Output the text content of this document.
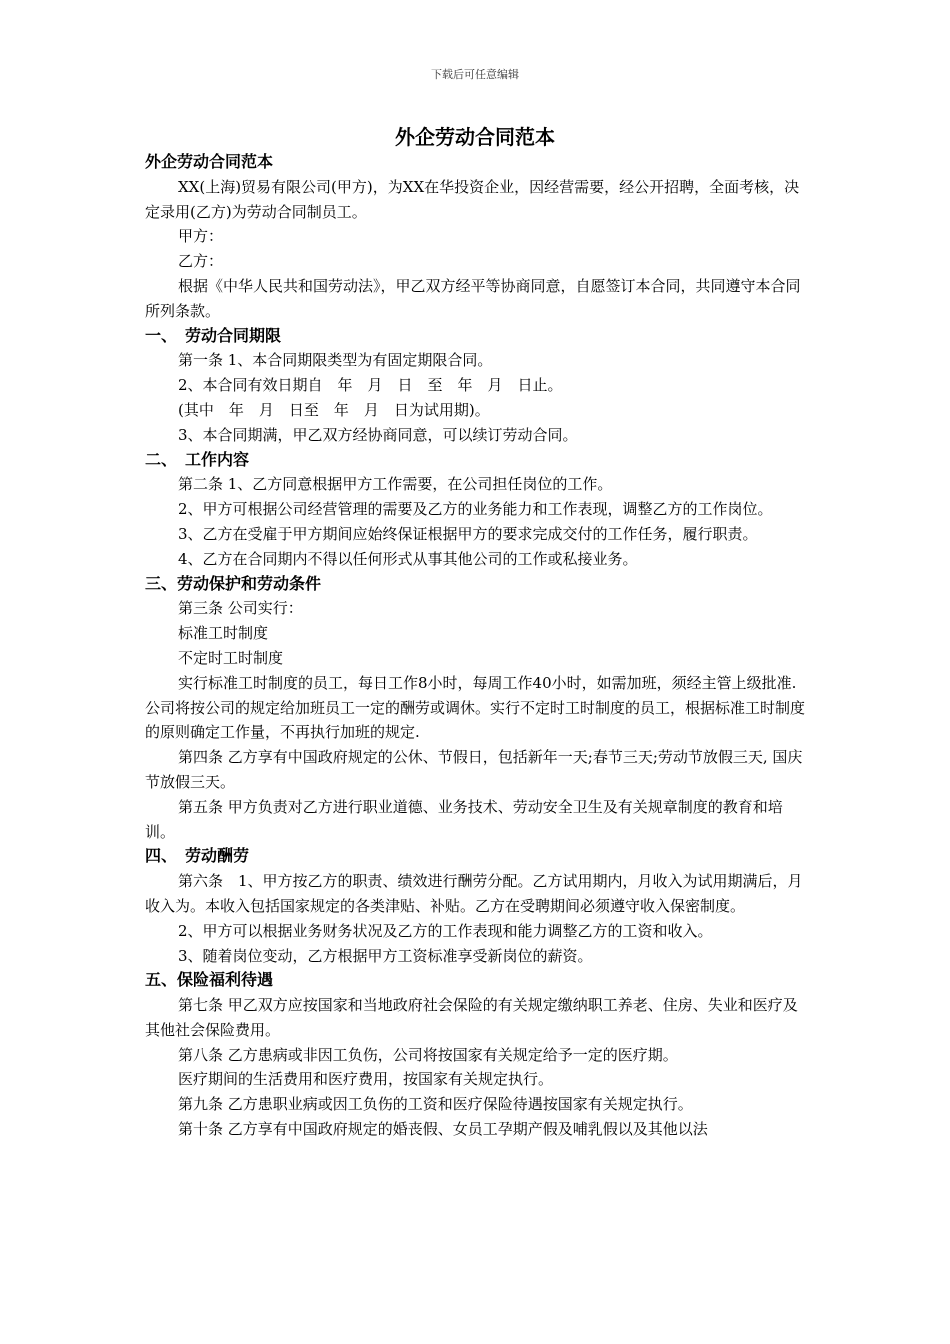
下载后可任意编辑
外企劳动合同范本

外企劳动合同范本

XX(上海)贸易有限公司(甲方)，为XX在华投资企业，因经营需要，经公开招聘，全面考核，决定录用(乙方)为劳动合同制员工。

甲方：

乙方：

根据《中华人民共和国劳动法》，甲乙双方经平等协商同意，自愿签订本合同，共同遵守本合同所列条款。

一、　劳动合同期限

第一条 1、本合同期限类型为有固定期限合同。

2、本合同有效日期自　年　月　日　至　年　月　日止。

(其中　年　月　日至　年　月　日为试用期)。

3、本合同期满，甲乙双方经协商同意，可以续订劳动合同。

二、　工作内容

第二条 1、乙方同意根据甲方工作需要，在公司担任岗位的工作。

2、甲方可根据公司经营管理的需要及乙方的业务能力和工作表现，调整乙方的工作岗位。

3、乙方在受雇于甲方期间应始终保证根据甲方的要求完成交付的工作任务，履行职责。

4、乙方在合同期内不得以任何形式从事其他公司的工作或私接业务。

三、劳动保护和劳动条件

第三条 公司实行：

标准工时制度

不定时工时制度

实行标准工时制度的员工，每日工作8小时，每周工作40小时，如需加班，须经主管上级批准.公司将按公司的规定给加班员工一定的酬劳或调休。实行不定时工时制度的员工，根据标准工时制度的原则确定工作量，不再执行加班的规定.

第四条 乙方享有中国政府规定的公休、节假日，包括新年一天;春节三天;劳动节放假三天, 国庆节放假三天。

第五条 甲方负责对乙方进行职业道德、业务技术、劳动安全卫生及有关规章制度的教育和培训。

四、　劳动酬劳

第六条　1、甲方按乙方的职责、绩效进行酬劳分配。乙方试用期内，月收入为试用期满后，月收入为。本收入包括国家规定的各类津贴、补贴。乙方在受聘期间必须遵守收入保密制度。

2、甲方可以根据业务财务状况及乙方的工作表现和能力调整乙方的工资和收入。

3、随着岗位变动，乙方根据甲方工资标准享受新岗位的薪资。

五、保险福利待遇

第七条 甲乙双方应按国家和当地政府社会保险的有关规定缴纳职工养老、住房、失业和医疗及其他社会保险费用。

第八条 乙方患病或非因工负伤，公司将按国家有关规定给予一定的医疗期。

医疗期间的生活费用和医疗费用，按国家有关规定执行。

第九条 乙方患职业病或因工负伤的工资和医疗保险待遇按国家有关规定执行。

第十条 乙方享有中国政府规定的婚丧假、女员工孕期产假及哺乳假以及其他以法
